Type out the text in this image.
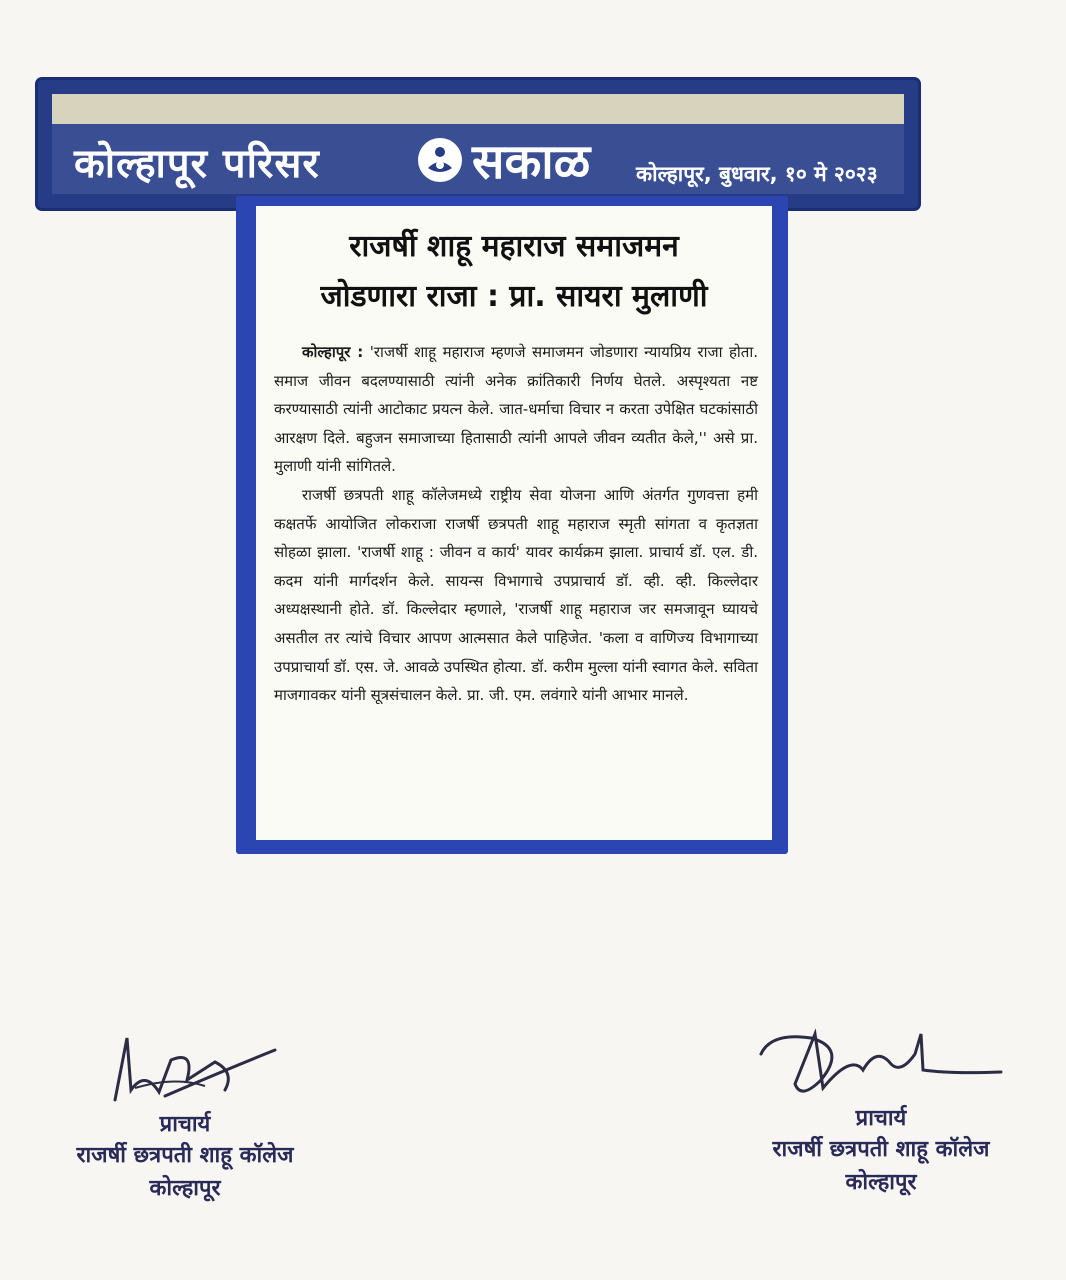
कोल्हापूर परिसर	सकाळ कोल्हापूर, बुधवार, १० मे २०२३
राजर्षी शाहू महाराज समाजमन
जोडणारा राजा : प्रा. सायरा मुलाणी

कोल्हापूर : 'राजर्षी शाहू महाराज म्हणजे समाजमन जोडणारा न्यायप्रिय राजा होता. समाज जीवन बदलण्यासाठी त्यांनी अनेक क्रांतिकारी निर्णय घेतले. अस्पृश्यता नष्ट करण्यासाठी त्यांनी आटोकाट प्रयत्न केले. जात-धर्माचा विचार न करता उपेक्षित घटकांसाठी आरक्षण दिले. बहुजन समाजाच्या हितासाठी त्यांनी आपले जीवन व्यतीत केले,'' असे प्रा. मुलाणी यांनी सांगितले.

राजर्षी छत्रपती शाहू कॉलेजमध्ये राष्ट्रीय सेवा योजना आणि अंतर्गत गुणवत्ता हमी कक्षतर्फे आयोजित लोकराजा राजर्षी छत्रपती शाहू महाराज स्मृती सांगता व कृतज्ञता सोहळा झाला. 'राजर्षी शाहू : जीवन व कार्य' यावर कार्यक्रम झाला. प्राचार्य डॉ. एल. डी. कदम यांनी मार्गदर्शन केले. सायन्स विभागाचे उपप्राचार्य डॉ. व्ही. व्ही. किल्लेदार अध्यक्षस्थानी होते. डॉ. किल्लेदार म्हणाले, 'राजर्षी शाहू महाराज जर समजावून घ्यायचे असतील तर त्यांचे विचार आपण आत्मसात केले पाहिजेत. 'कला व वाणिज्य विभागाच्या उपप्राचार्या डॉ. एस. जे. आवळे उपस्थित होत्या. डॉ. करीम मुल्ला यांनी स्वागत केले. सविता माजगावकर यांनी सूत्रसंचालन केले. प्रा. जी. एम. लवंगारे यांनी आभार मानले.

प्राचार्य
राजर्षी छत्रपती शाहू कॉलेज
कोल्हापूर
प्राचार्य
राजर्षी छत्रपती शाहू कॉलेज
कोल्हापूर
